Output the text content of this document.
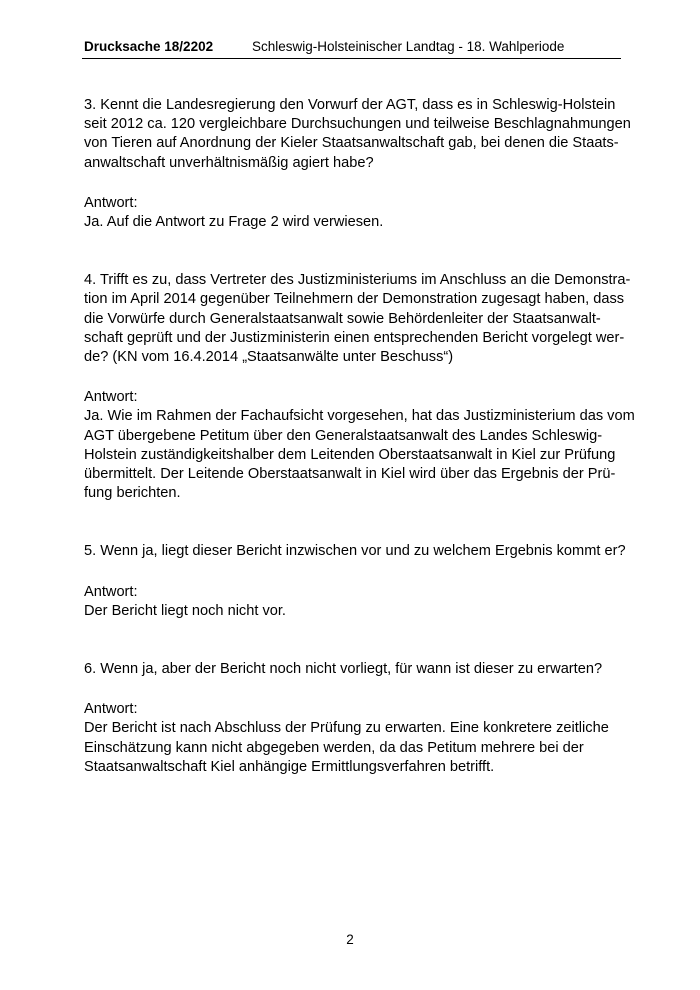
Drucksache 18/2202	Schleswig-Holsteinischer Landtag - 18. Wahlperiode

3. Kennt die Landesregierung den Vorwurf der AGT, dass es in Schleswig-Holstein
seit 2012 ca. 120 vergleichbare Durchsuchungen und teilweise Beschlagnahmungen
von Tieren auf Anordnung der Kieler Staatsanwaltschaft gab, bei denen die Staats-
anwaltschaft unverhältnismäßig agiert habe?

Antwort:
Ja. Auf die Antwort zu Frage 2 wird verwiesen.

4. Trifft es zu, dass Vertreter des Justizministeriums im Anschluss an die Demonstra-
tion im April 2014 gegenüber Teilnehmern der Demonstration zugesagt haben, dass
die Vorwürfe durch Generalstaatsanwalt sowie Behördenleiter der Staatsanwalt-
schaft geprüft und der Justizministerin einen entsprechenden Bericht vorgelegt wer-
de? (KN vom 16.4.2014 „Staatsanwälte unter Beschuss“)

Antwort:
Ja. Wie im Rahmen der Fachaufsicht vorgesehen, hat das Justizministerium das vom
AGT übergebene Petitum über den Generalstaatsanwalt des Landes Schleswig-
Holstein zuständigkeitshalber dem Leitenden Oberstaatsanwalt in Kiel zur Prüfung
übermittelt. Der Leitende Oberstaatsanwalt in Kiel wird über das Ergebnis der Prü-
fung berichten.

5. Wenn ja, liegt dieser Bericht inzwischen vor und zu welchem Ergebnis kommt er?

Antwort:
Der Bericht liegt noch nicht vor.

6. Wenn ja, aber der Bericht noch nicht vorliegt, für wann ist dieser zu erwarten?

Antwort:
Der Bericht ist nach Abschluss der Prüfung zu erwarten. Eine konkretere zeitliche
Einschätzung kann nicht abgegeben werden, da das Petitum mehrere bei der
Staatsanwaltschaft Kiel anhängige Ermittlungsverfahren betrifft.

2
